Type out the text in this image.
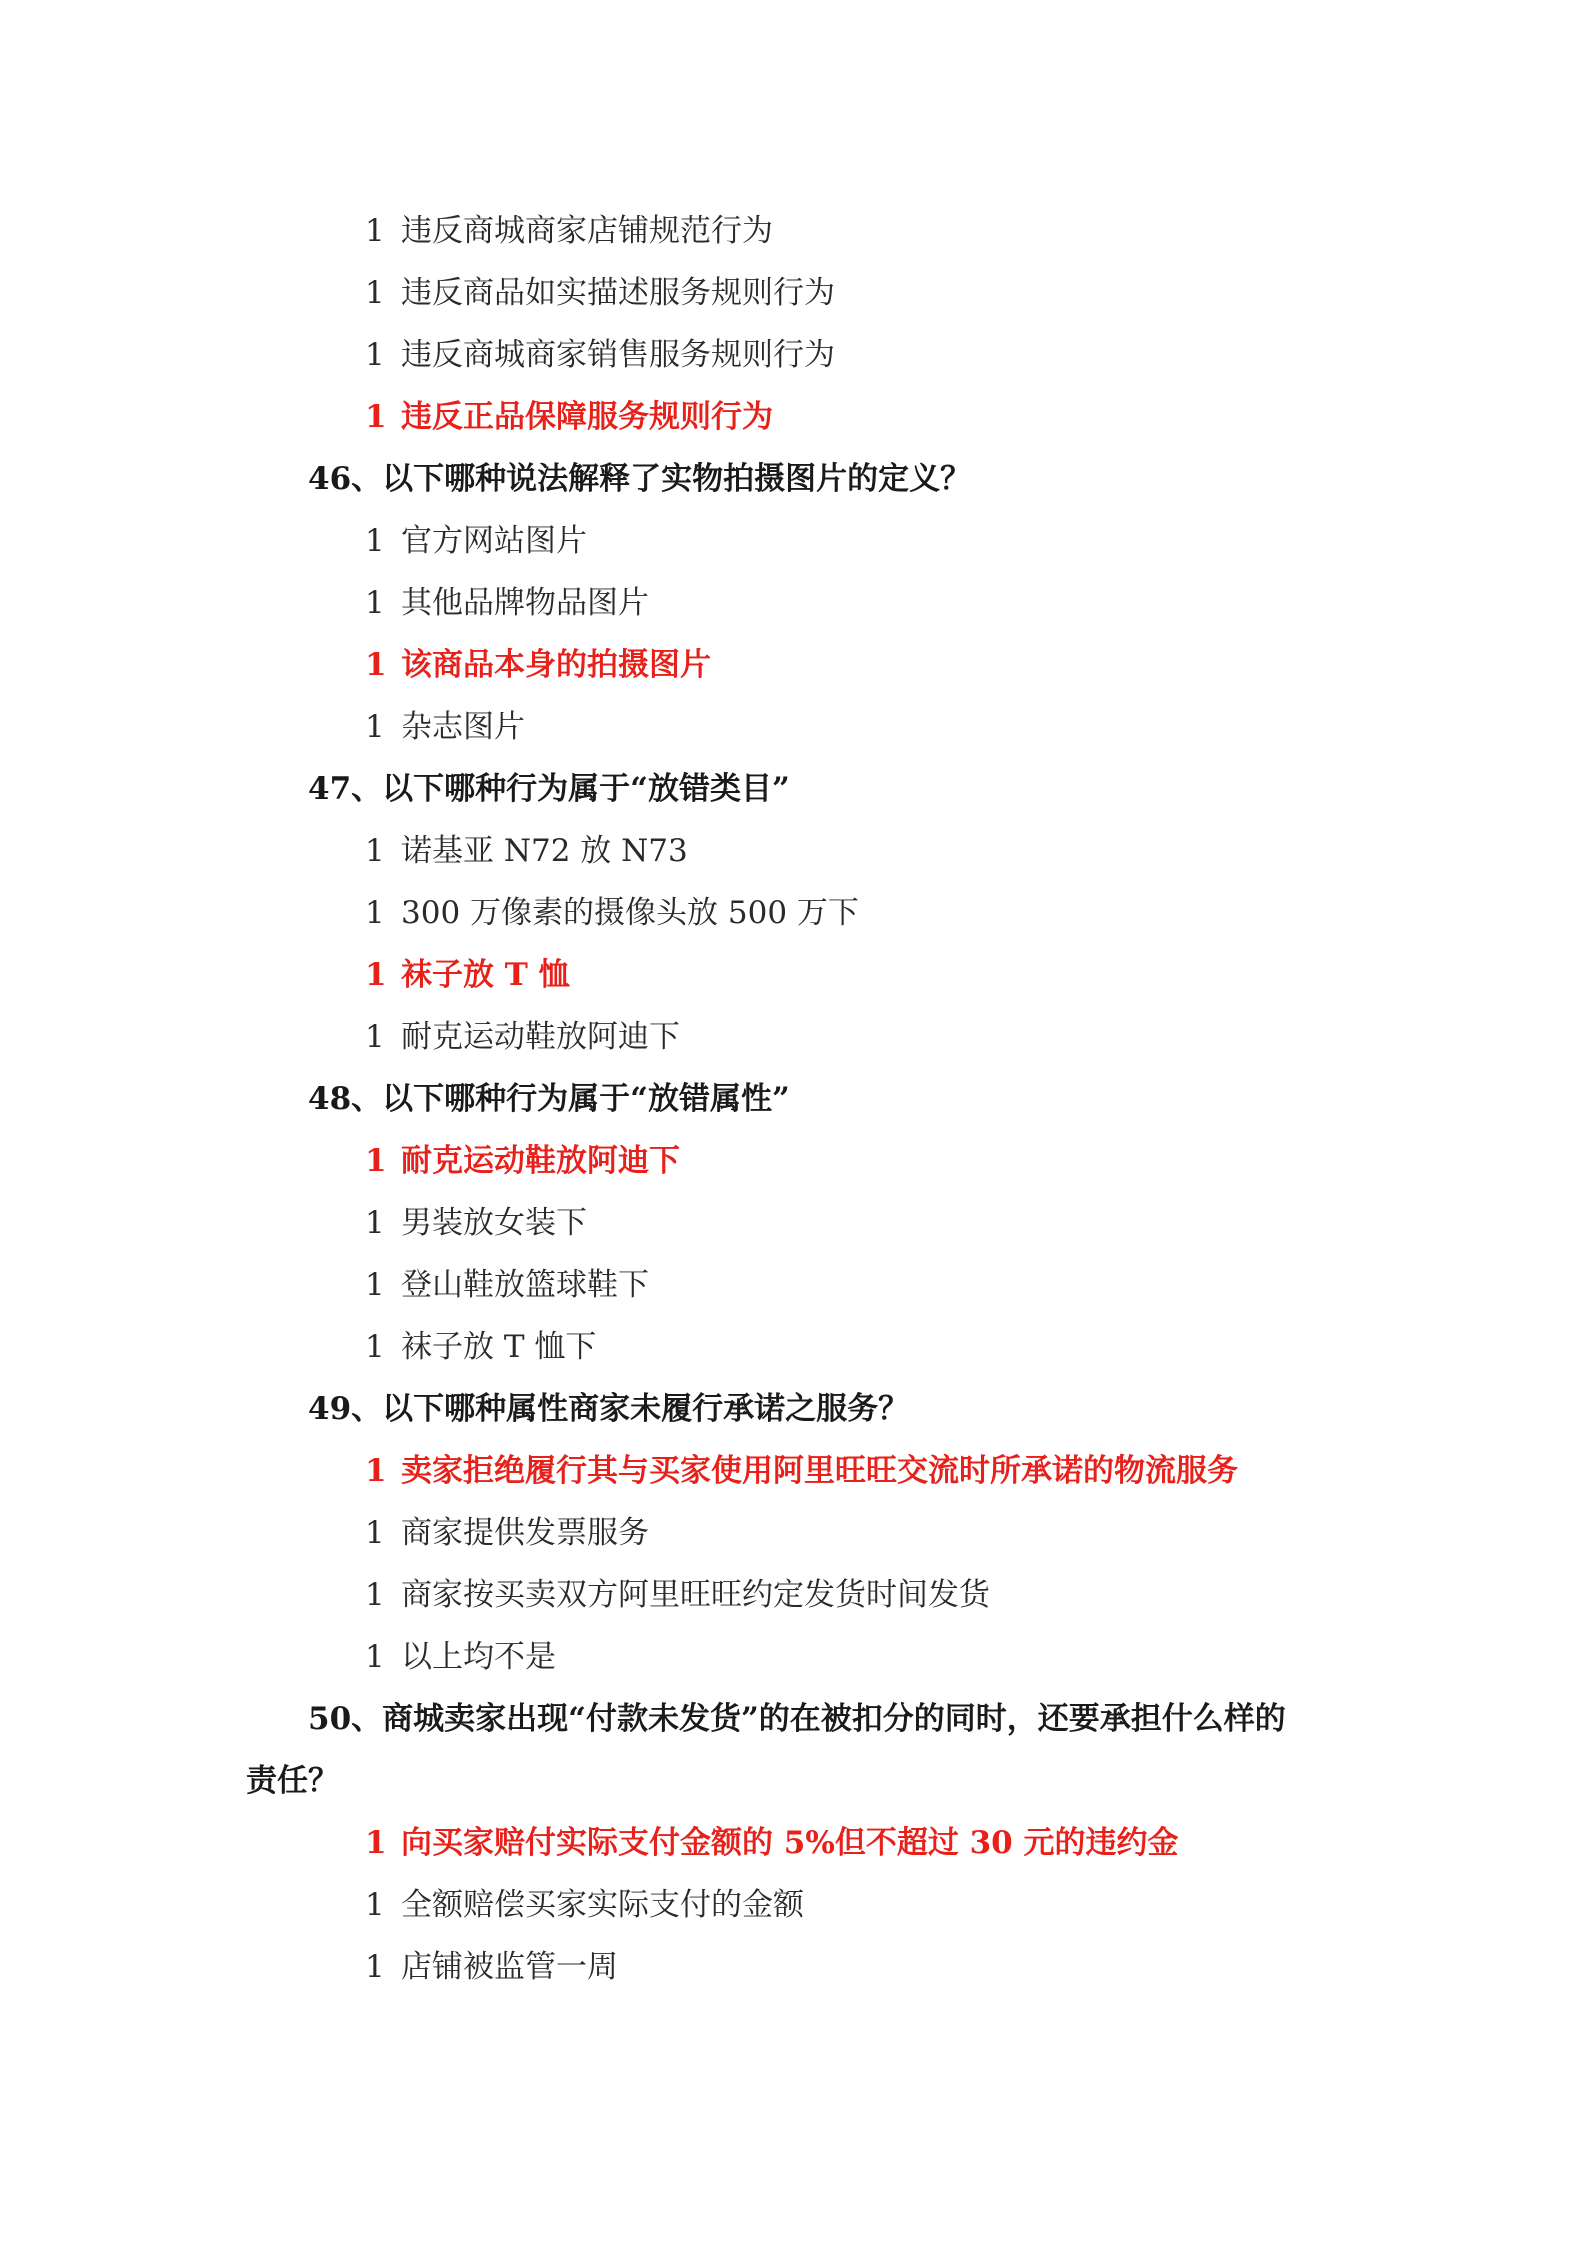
1 违反商城商家店铺规范行为
1 违反商品如实描述服务规则行为
1 违反商城商家销售服务规则行为
1 违反正品保障服务规则行为
46、以下哪种说法解释了实物拍摄图片的定义？
1 官方网站图片
1 其他品牌物品图片
1 该商品本身的拍摄图片
1 杂志图片
47、以下哪种行为属于“放错类目”
1 诺基亚 N72 放 N73
1 300 万像素的摄像头放 500 万下
1 袜子放 T 恤
1 耐克运动鞋放阿迪下
48、以下哪种行为属于“放错属性”
1 耐克运动鞋放阿迪下
1 男装放女装下
1 登山鞋放篮球鞋下
1 袜子放 T 恤下
49、以下哪种属性商家未履行承诺之服务？
1 卖家拒绝履行其与买家使用阿里旺旺交流时所承诺的物流服务
1 商家提供发票服务
1 商家按买卖双方阿里旺旺约定发货时间发货
1 以上均不是
50、商城卖家出现“付款未发货”的在被扣分的同时，还要承担什么样的
责任？
1 向买家赔付实际支付金额的 5%但不超过 30 元的违约金
1 全额赔偿买家实际支付的金额
1 店铺被监管一周
